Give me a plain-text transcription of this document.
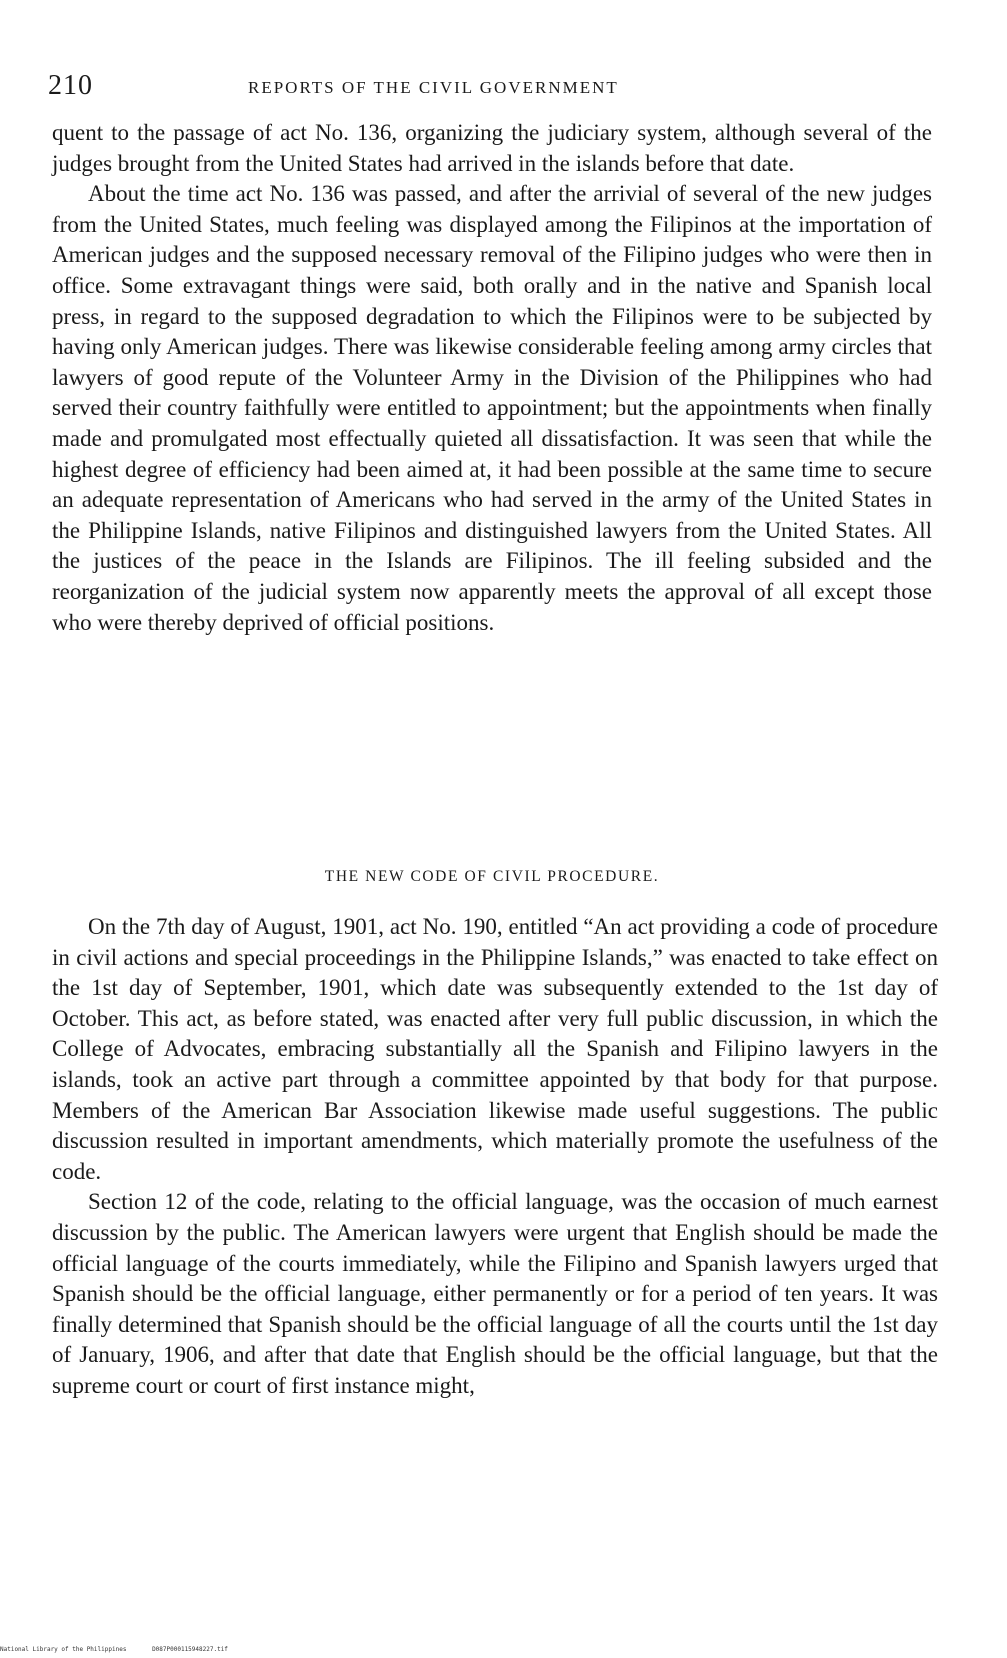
210	REPORTS OF THE CIVIL GOVERNMENT

quent to the passage of act No. 136, organizing the judiciary system, although several of the judges brought from the United States had arrived in the islands before that date.

About the time act No. 136 was passed, and after the arrivial of several of the new judges from the United States, much feeling was displayed among the Filipinos at the importation of American judges and the supposed necessary removal of the Filipino judges who were then in office. Some extravagant things were said, both orally and in the native and Spanish local press, in regard to the supposed degradation to which the Filipinos were to be subjected by having only American judges. There was likewise considerable feeling among army circles that lawyers of good repute of the Volunteer Army in the Division of the Philippines who had served their country faithfully were entitled to appointment; but the appointments when finally made and promulgated most effectually quieted all dissatisfaction. It was seen that while the highest degree of efficiency had been aimed at, it had been possible at the same time to secure an adequate representation of Americans who had served in the army of the United States in the Philippine Islands, native Filipinos and distinguished lawyers from the United States. All the justices of the peace in the Islands are Filipinos. The ill feeling subsided and the reorganization of the judicial system now apparently meets the approval of all except those who were thereby deprived of official positions.

THE NEW CODE OF CIVIL PROCEDURE.

On the 7th day of August, 1901, act No. 190, entitled “An act providing a code of procedure in civil actions and special proceedings in the Philippine Islands,” was enacted to take effect on the 1st day of September, 1901, which date was subsequently extended to the 1st day of October. This act, as before stated, was enacted after very full public discussion, in which the College of Advocates, embracing substantially all the Spanish and Filipino lawyers in the islands, took an active part through a committee appointed by that body for that purpose. Members of the American Bar Association likewise made useful suggestions. The public discussion resulted in important amendments, which materially promote the usefulness of the code.

Section 12 of the code, relating to the official language, was the occasion of much earnest discussion by the public. The American lawyers were urgent that English should be made the official language of the courts immediately, while the Filipino and Spanish lawyers urged that Spanish should be the official language, either permanently or for a period of ten years. It was finally determined that Spanish should be the official language of all the courts until the 1st day of January, 1906, and after that date that English should be the official language, but that the supreme court or court of first instance might,

National Library of the Philippines	D087P000115948227.tif
